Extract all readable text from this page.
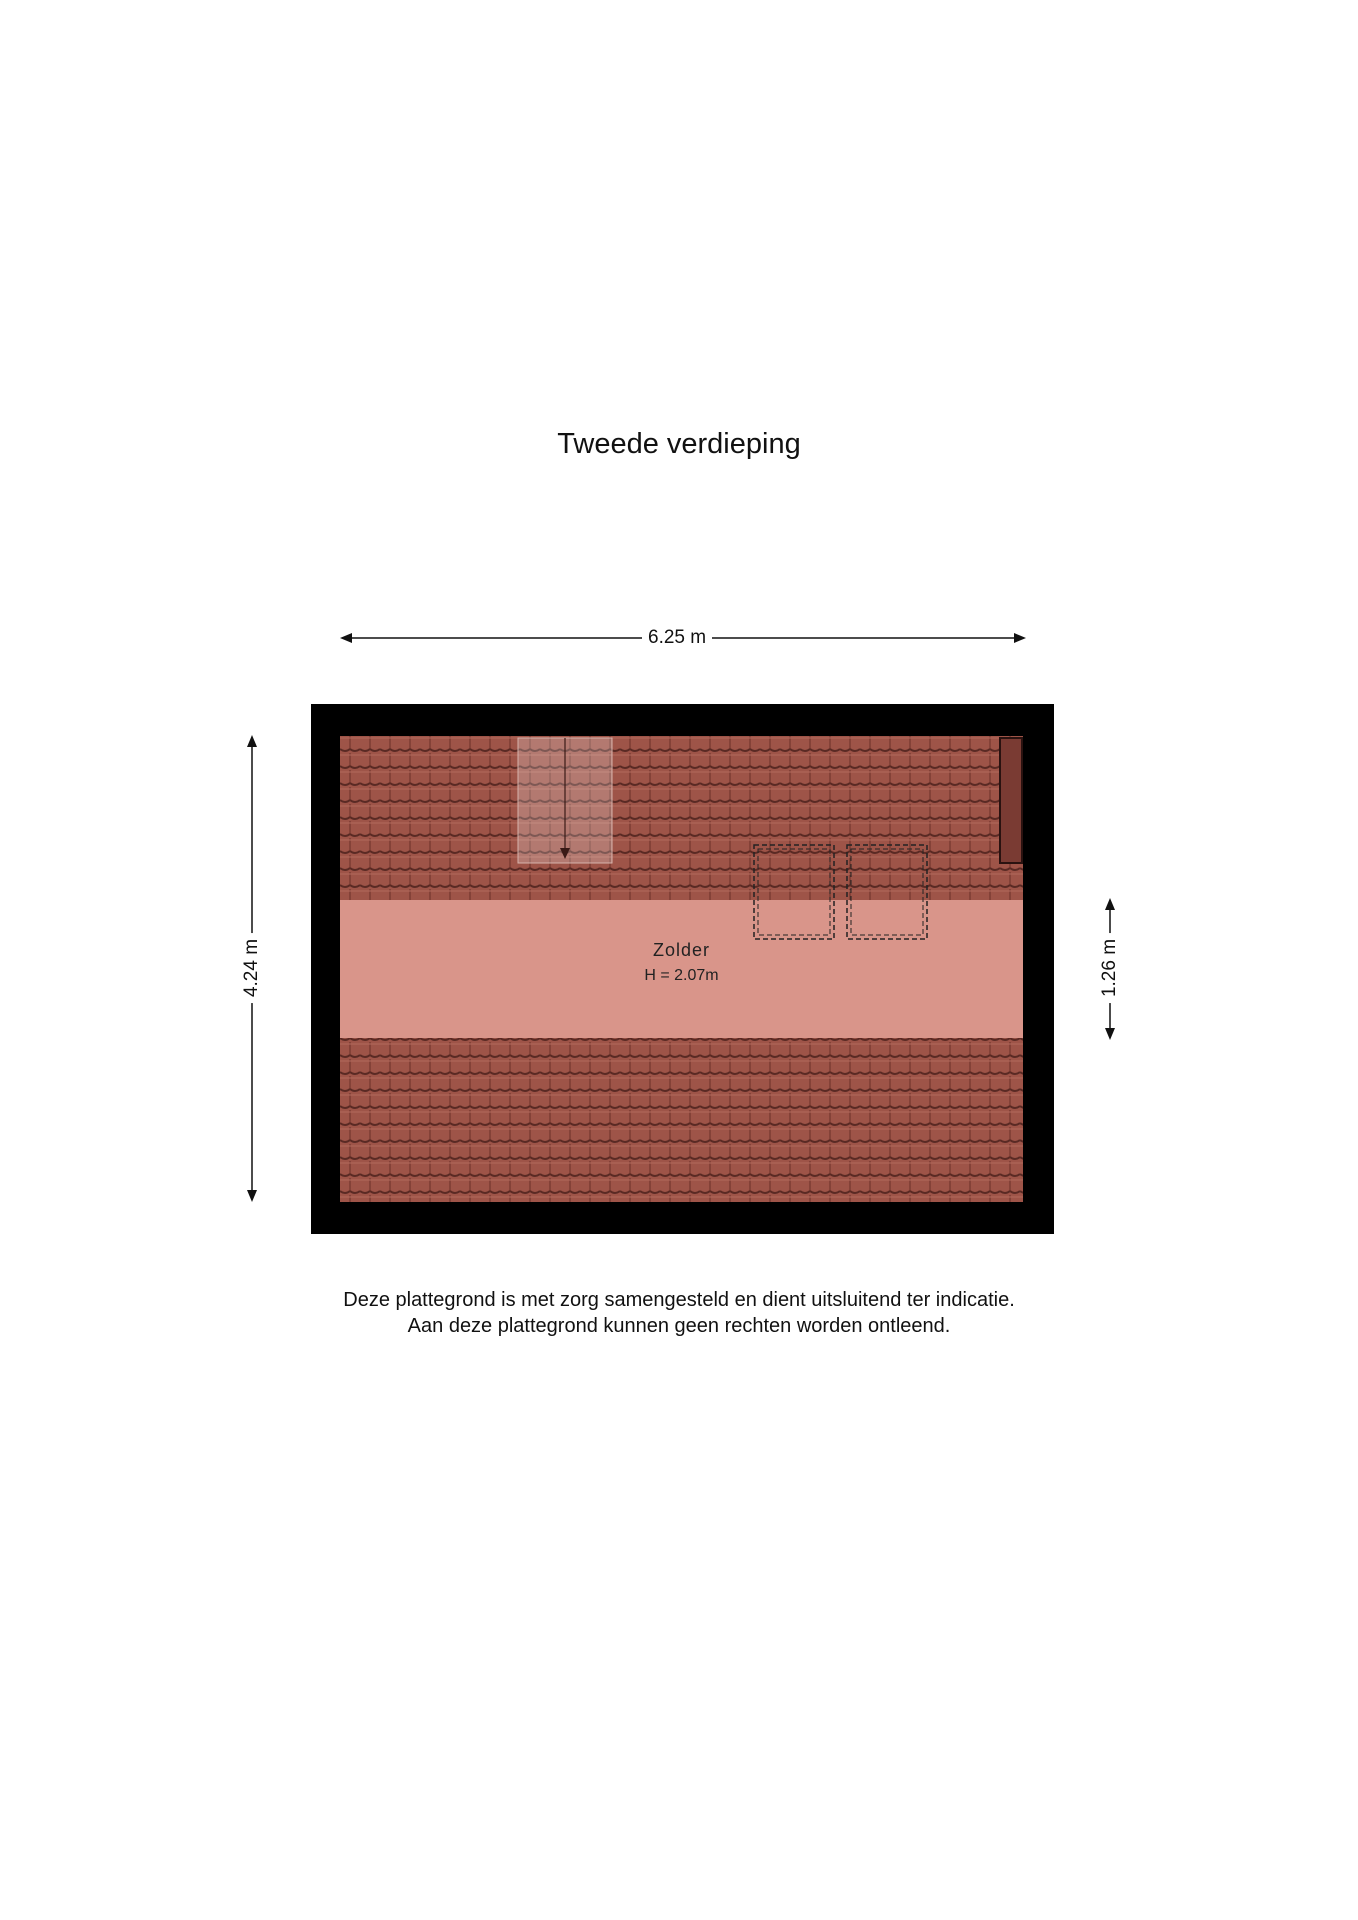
Tweede verdieping
6.25 m
4.24 m	1.26 m
Zolder
H = 2.07m
Deze plattegrond is met zorg samengesteld en dient uitsluitend ter indicatie.
Aan deze plattegrond kunnen geen rechten worden ontleend.
